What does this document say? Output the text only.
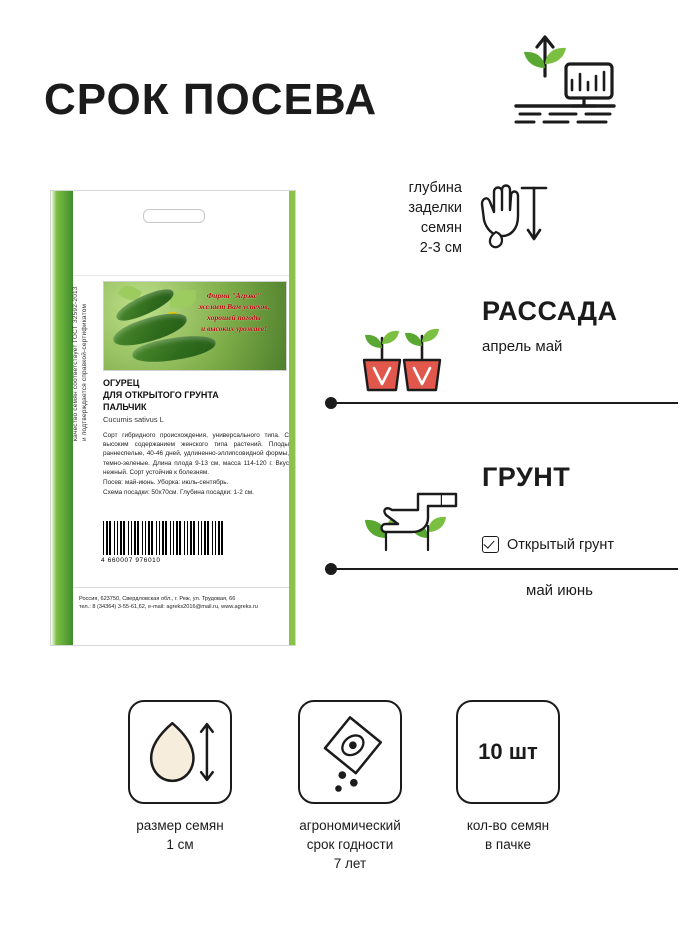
СРОК ПОСЕВА
качество семян соответствует ГОСТ 32592-2013 и подтверждается справкой-сертификатом
Фирма "Агрэкс"
желает Вам успехов,
хорошей погоды
и высоких урожаев!
ОГУРЕЦ
ДЛЯ ОТКРЫТОГО ГРУНТА
ПАЛЬЧИК
Cucumis sativus L

Сорт гибридного происхождения, универсального типа. С высоким содержанием женского типа растений. Плоды раннеспелые, 40-46 дней, удлиненно-эллипсовидной формы, темно-зеленые. Длина плода 9-13 см, масса 114-120 г. Вкус нежный. Сорт устойчив к болезням.

Посев: май-июнь. Уборка: июль-сентябрь.

Схема посадки: 50х70см. Глубина посадки: 1-2 см.

4 660007 976010
Россия, 623750, Свердловская обл., г. Реж, ул. Трудовая, 66
тел.: 8 (34364) 3-55-61,62, e-mail: agreks2016@mail.ru, www.agreks.ru
глубина
заделки
семян
2-3 см
РАССАДА
апрель май
ГРУНТ
Открытый грунт
май июнь
размер семян
1 см
агрономический
срок годности
7 лет
10 шт
кол-во семян
в пачке
